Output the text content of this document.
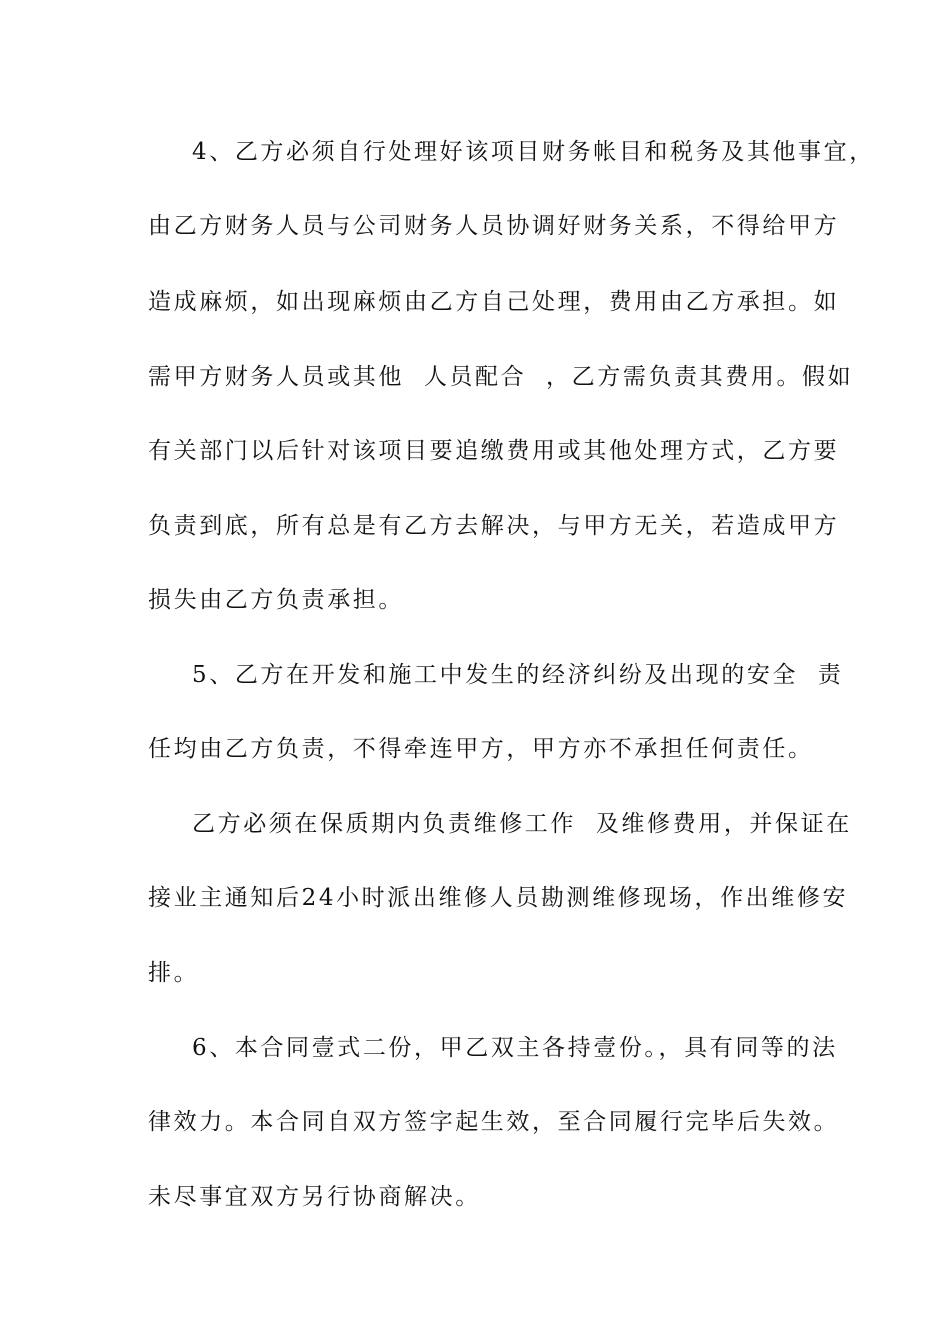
4、乙方必须自行处理好该项目财务帐目和税务及其他事宜，
由乙方财务人员与公司财务人员协调好财务关系，不得给甲方
造成麻烦，如出现麻烦由乙方自己处理，费用由乙方承担。如
需甲方财务人员或其他  人员配合  ，乙方需负责其费用。假如
有关部门以后针对该项目要追缴费用或其他处理方式，乙方要
负责到底，所有总是有乙方去解决，与甲方无关，若造成甲方
损失由乙方负责承担。
5、乙方在开发和施工中发生的经济纠纷及出现的安全  责
任均由乙方负责，不得牵连甲方，甲方亦不承担任何责任。
乙方必须在保质期内负责维修工作  及维修费用，并保证在
接业主通知后24小时派出维修人员勘测维修现场，作出维修安
排。
6、本合同壹式二份，甲乙双主各持壹份。，具有同等的法
律效力。本合同自双方签字起生效，至合同履行完毕后失效。
未尽事宜双方另行协商解决。
